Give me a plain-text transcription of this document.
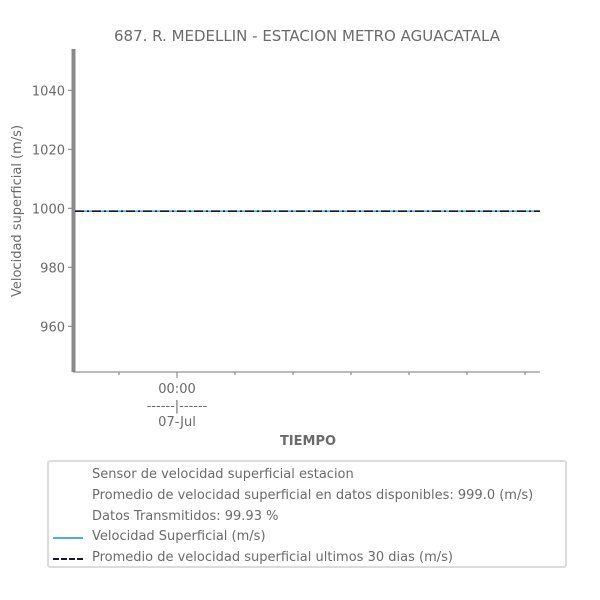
687. R. MEDELLIN - ESTACION METRO AGUACATALA
Velocidad superficial (m/s)
960
980
1000
1020
1040
00:00
------|------
07-Jul
TIEMPO
Sensor de velocidad superficial estacion
Promedio de velocidad superficial en datos disponibles: 999.0 (m/s)
Datos Transmitidos: 99.93 %
Velocidad Superficial (m/s)
Promedio de velocidad superficial ultimos 30 dias (m/s)
